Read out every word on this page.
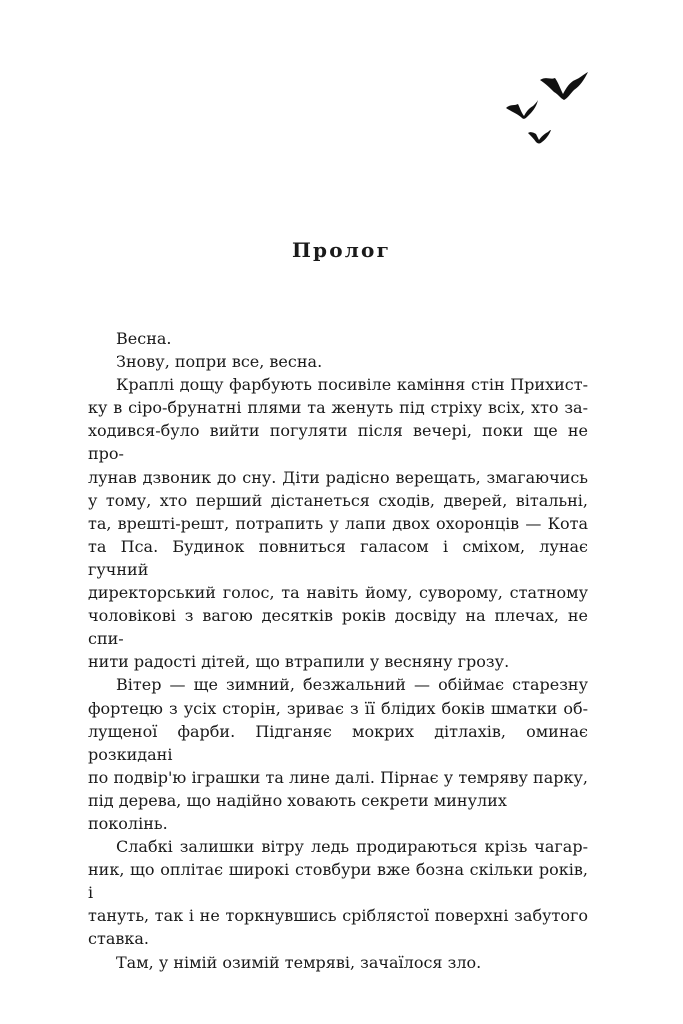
Пролог
Весна.
Знову, попри все, весна.
Краплі дощу фарбують посивіле каміння стін Прихист-
ку в сіро-брунатні плями та женуть під стріху всіх, хто за-
ходився-було вийти погуляти після вечері, поки ще не про-
лунав дзвоник до сну. Діти радісно верещать, змагаючись
у тому, хто перший дістанеться сходів, дверей, вітальні,
та, врешті-решт, потрапить у лапи двох охоронців — Кота
та Пса. Будинок повниться галасом і сміхом, лунає гучний
директорський голос, та навіть йому, суворому, статному
чоловікові з вагою десятків років досвіду на плечах, не спи-
нити радості дітей, що втрапили у весняну грозу.
Вітер — ще зимний, безжальний — обіймає старезну
фортецю з усіх сторін, зриває з її блідих боків шматки об-
лущеної фарби. Підганяє мокрих дітлахів, оминає розкидані
по подвір'ю іграшки та лине далі. Пірнає у темряву парку,
під дерева, що надійно ховають секрети минулих поколінь.
Слабкі залишки вітру ледь продираються крізь чагар-
ник, що оплітає широкі стовбури вже бозна скільки років, і
тануть, так і не торкнувшись сріблястої поверхні забутого
ставка.
Там, у німій озимій темряві, зачаїлося зло.
